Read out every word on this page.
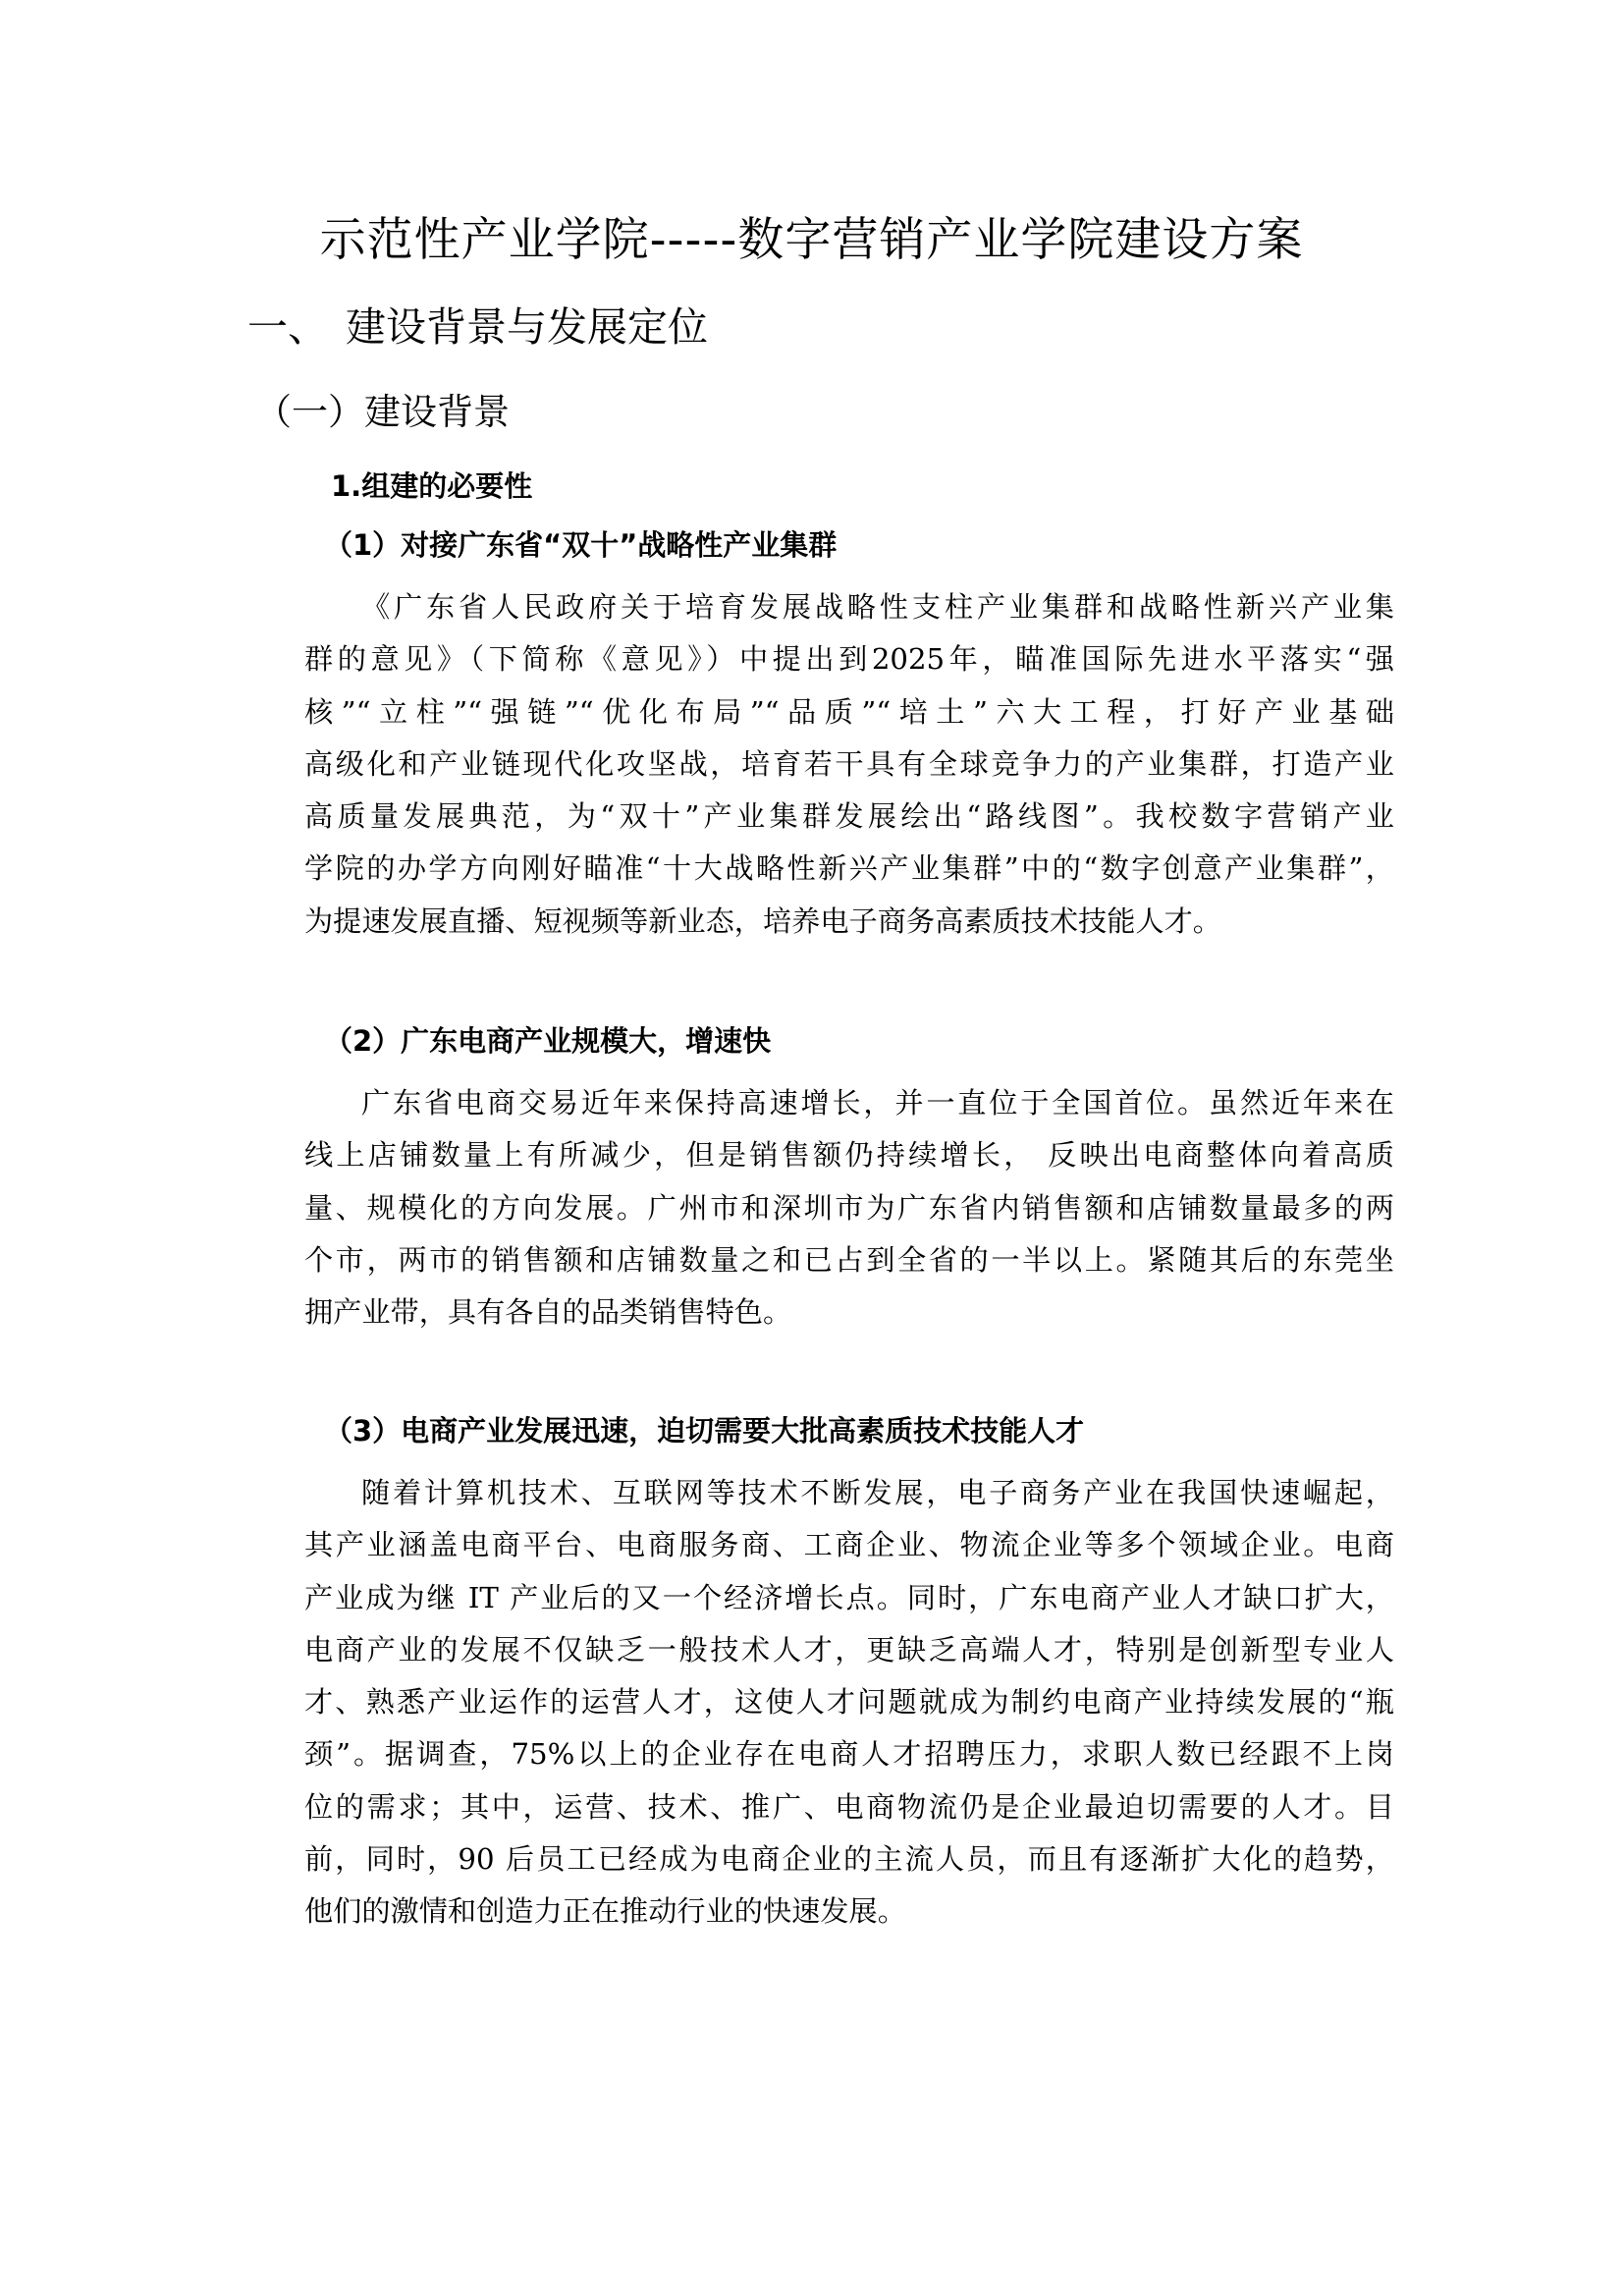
示范性产业学院-----数字营销产业学院建设方案
一、 建设背景与发展定位
（一）建设背景
1.组建的必要性
（1）对接广东省“双十”战略性产业集群
《广东省人民政府关于培育发展战略性支柱产业集群和战略性新兴产业集
群的意见》（下简称《意见》）中提出到2025年，瞄准国际先进水平落实“强
核”“立柱”“强链”“优化布局”“品质”“培土”六大工程，打好产业基础
高级化和产业链现代化攻坚战，培育若干具有全球竞争力的产业集群，打造产业
高质量发展典范，为“双十”产业集群发展绘出“路线图”。我校数字营销产业
学院的办学方向刚好瞄准“十大战略性新兴产业集群”中的“数字创意产业集群”，
为提速发展直播、短视频等新业态，培养电子商务高素质技术技能人才。
（2）广东电商产业规模大，增速快
广东省电商交易近年来保持高速增长，并一直位于全国首位。虽然近年来在
线上店铺数量上有所减少，但是销售额仍持续增长， 反映出电商整体向着高质
量、规模化的方向发展。广州市和深圳市为广东省内销售额和店铺数量最多的两
个市，两市的销售额和店铺数量之和已占到全省的一半以上。紧随其后的东莞坐
拥产业带，具有各自的品类销售特色。
（3）电商产业发展迅速，迫切需要大批高素质技术技能人才
随着计算机技术、互联网等技术不断发展，电子商务产业在我国快速崛起，
其产业涵盖电商平台、电商服务商、工商企业、物流企业等多个领域企业。电商
产业成为继 IT 产业后的又一个经济增长点。同时，广东电商产业人才缺口扩大，
电商产业的发展不仅缺乏一般技术人才，更缺乏高端人才，特别是创新型专业人
才、熟悉产业运作的运营人才，这使人才问题就成为制约电商产业持续发展的“瓶
颈”。据调查，75%以上的企业存在电商人才招聘压力，求职人数已经跟不上岗
位的需求；其中，运营、技术、推广、电商物流仍是企业最迫切需要的人才。目
前，同时，90 后员工已经成为电商企业的主流人员，而且有逐渐扩大化的趋势，
他们的激情和创造力正在推动行业的快速发展。
